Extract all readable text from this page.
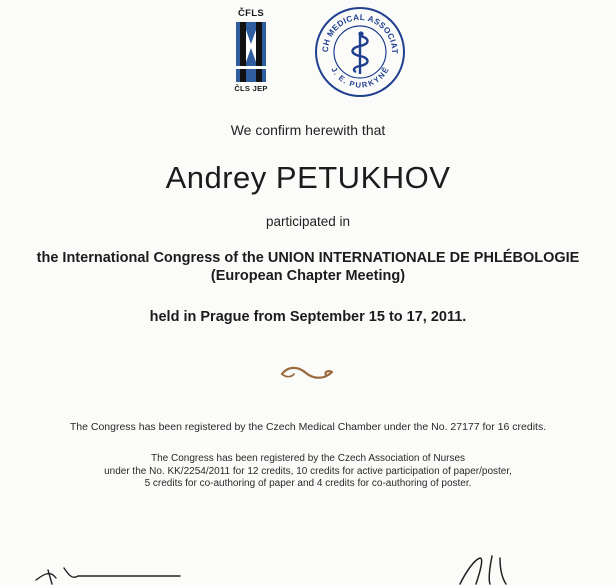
ČFLS
ČLS JEP
CH MEDICAL ASSOCIAT
J. E. PURKYNĚ
We confirm herewith that
Andrey PETUKHOV
participated in
the International Congress of the UNION INTERNATIONALE DE PHLÉBOLOGIE
(European Chapter Meeting)
held in Prague from September 15 to 17, 2011.
The Congress has been registered by the Czech Medical Chamber under the No. 27177 for 16 credits.
The Congress has been registered by the Czech Association of Nurses
under the No. KK/2254/2011 for 12 credits, 10 credits for active participation of paper/poster,
5 credits for co-authoring of paper and 4 credits for co-authoring of poster.
